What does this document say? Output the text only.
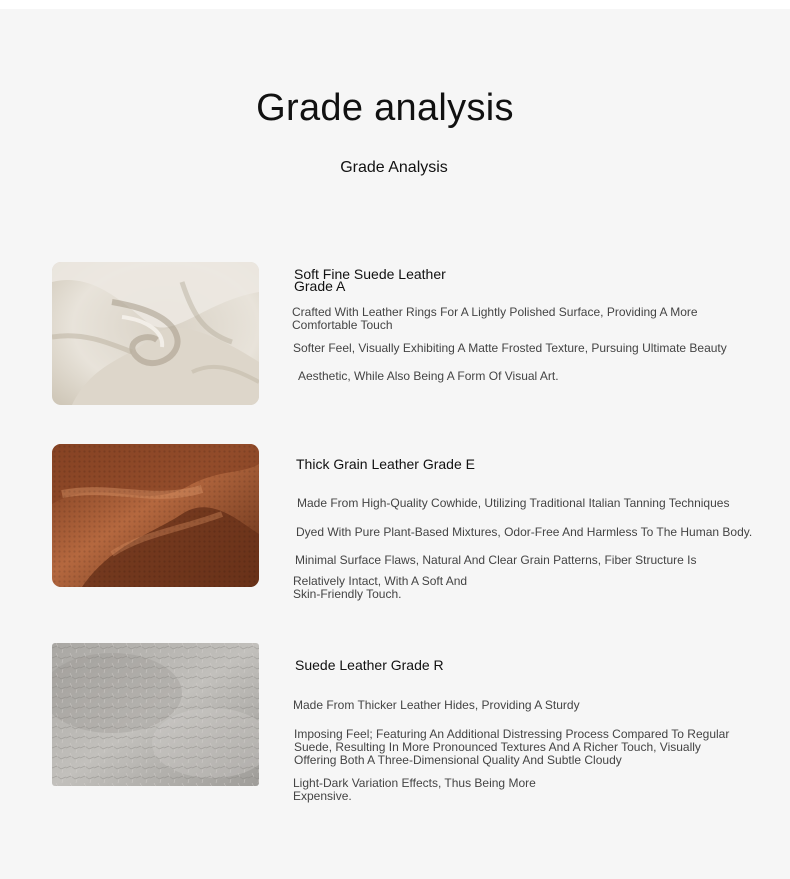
Grade analysis
Grade Analysis
Soft Fine Suede Leather
Grade A
Crafted With Leather Rings For A Lightly Polished Surface, Providing A More
Comfortable Touch
Softer Feel, Visually Exhibiting A Matte Frosted Texture, Pursuing Ultimate Beauty
Aesthetic, While Also Being A Form Of Visual Art.
Thick Grain Leather Grade E
Made From High-Quality Cowhide, Utilizing Traditional Italian Tanning Techniques
Dyed With Pure Plant-Based Mixtures, Odor-Free And Harmless To The Human Body.
Minimal Surface Flaws, Natural And Clear Grain Patterns, Fiber Structure Is
Relatively Intact, With A Soft And
Skin-Friendly Touch.
Suede Leather Grade R
Made From Thicker Leather Hides, Providing A Sturdy
Imposing Feel; Featuring An Additional Distressing Process Compared To Regular
Suede, Resulting In More Pronounced Textures And A Richer Touch, Visually
Offering Both A Three-Dimensional Quality And Subtle Cloudy
Light-Dark Variation Effects, Thus Being More
Expensive.
